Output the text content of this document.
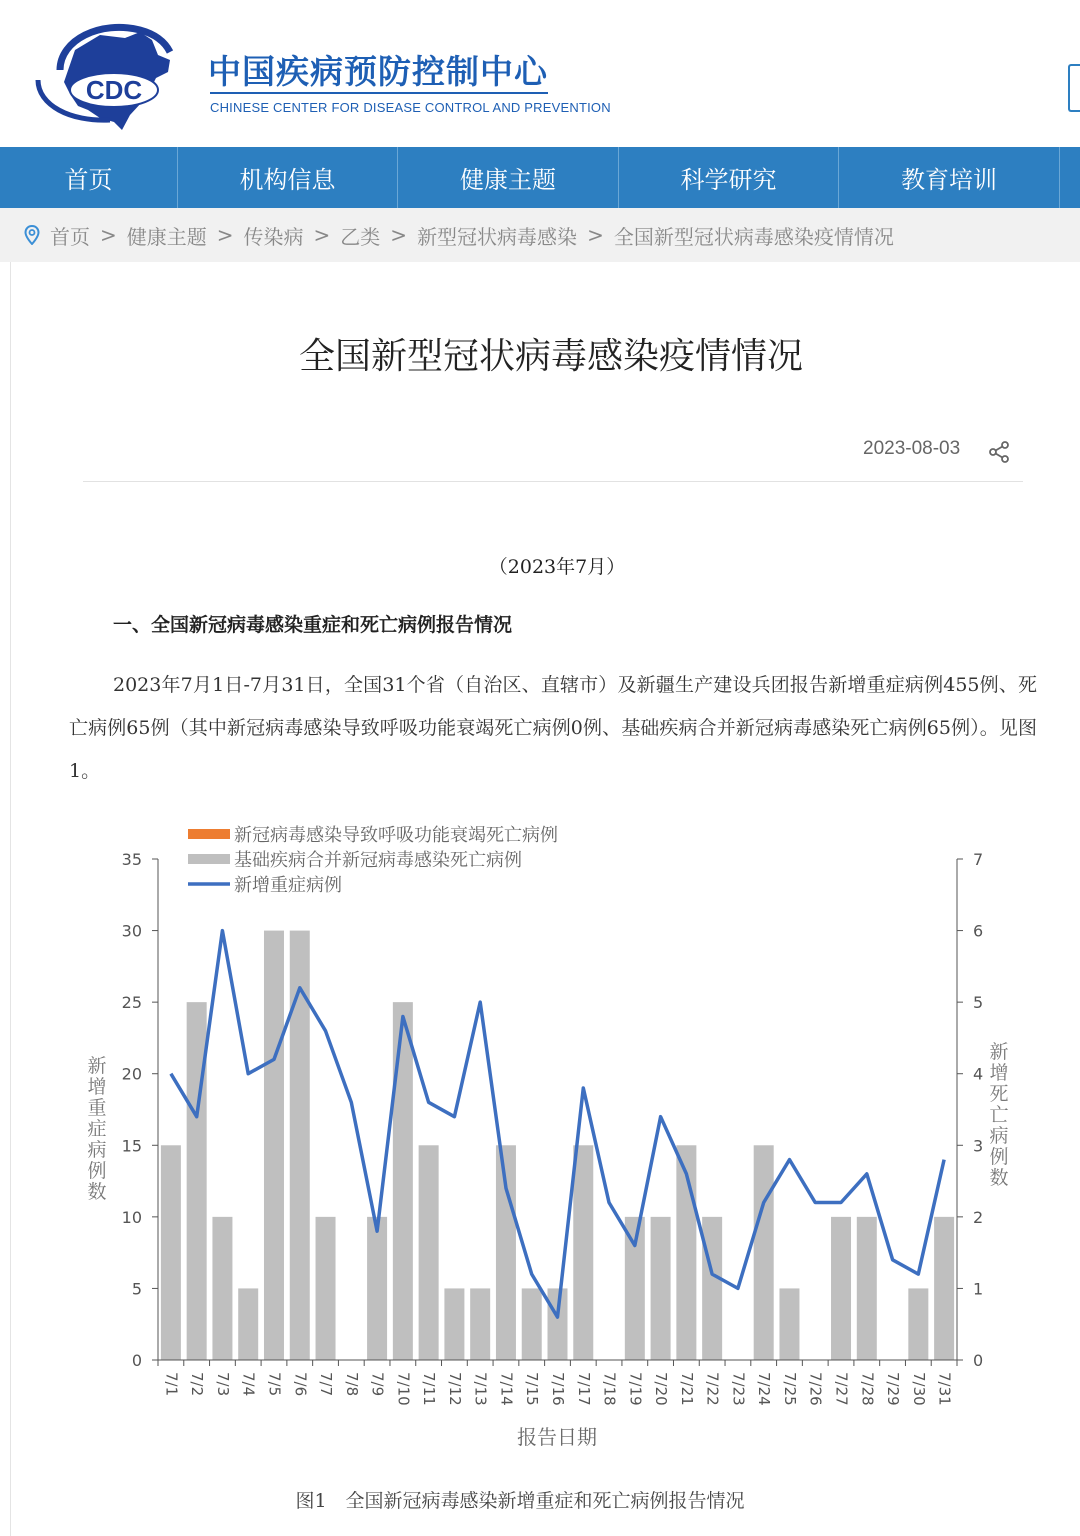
CDC 中国疾病预防控制中心
CHINESE CENTER FOR DISEASE CONTROL AND PREVENTION
首页	机构信息	健康主题	科学研究	教育培训
首页 > 健康主题 > 传染病 > 乙类 > 新型冠状病毒感染 > 全国新型冠状病毒感染疫情情况
全国新型冠状病毒感染疫情情况
2023-08-03
（2023年7月）
一、全国新冠病毒感染重症和死亡病例报告情况
2023年7月1日-7月31日，全国31个省（自治区、直辖市）及新疆生产建设兵团报告新增重症病例455例、死亡病例65例（其中新冠病毒感染导致呼吸功能衰竭死亡病例0例、基础疾病合并新冠病毒感染死亡病例65例）。见图1。
0
5
10
15
20
25
30
35
0
1
2
3
4
5
6
7
7/1 7/2 7/3 7/4 7/5 7/6 7/7 7/8 7/9 7/10 7/11 7/12 7/13 7/14 7/15 7/16 7/17 7/18 7/19 7/20 7/21 7/22 7/23 7/24 7/25 7/26 7/27 7/28 7/29 7/30 7/31
新增重症病例数
新增死亡病例数
报告日期
新冠病毒感染导致呼吸功能衰竭死亡病例
基础疾病合并新冠病毒感染死亡病例
新增重症病例
图1　全国新冠病毒感染新增重症和死亡病例报告情况
